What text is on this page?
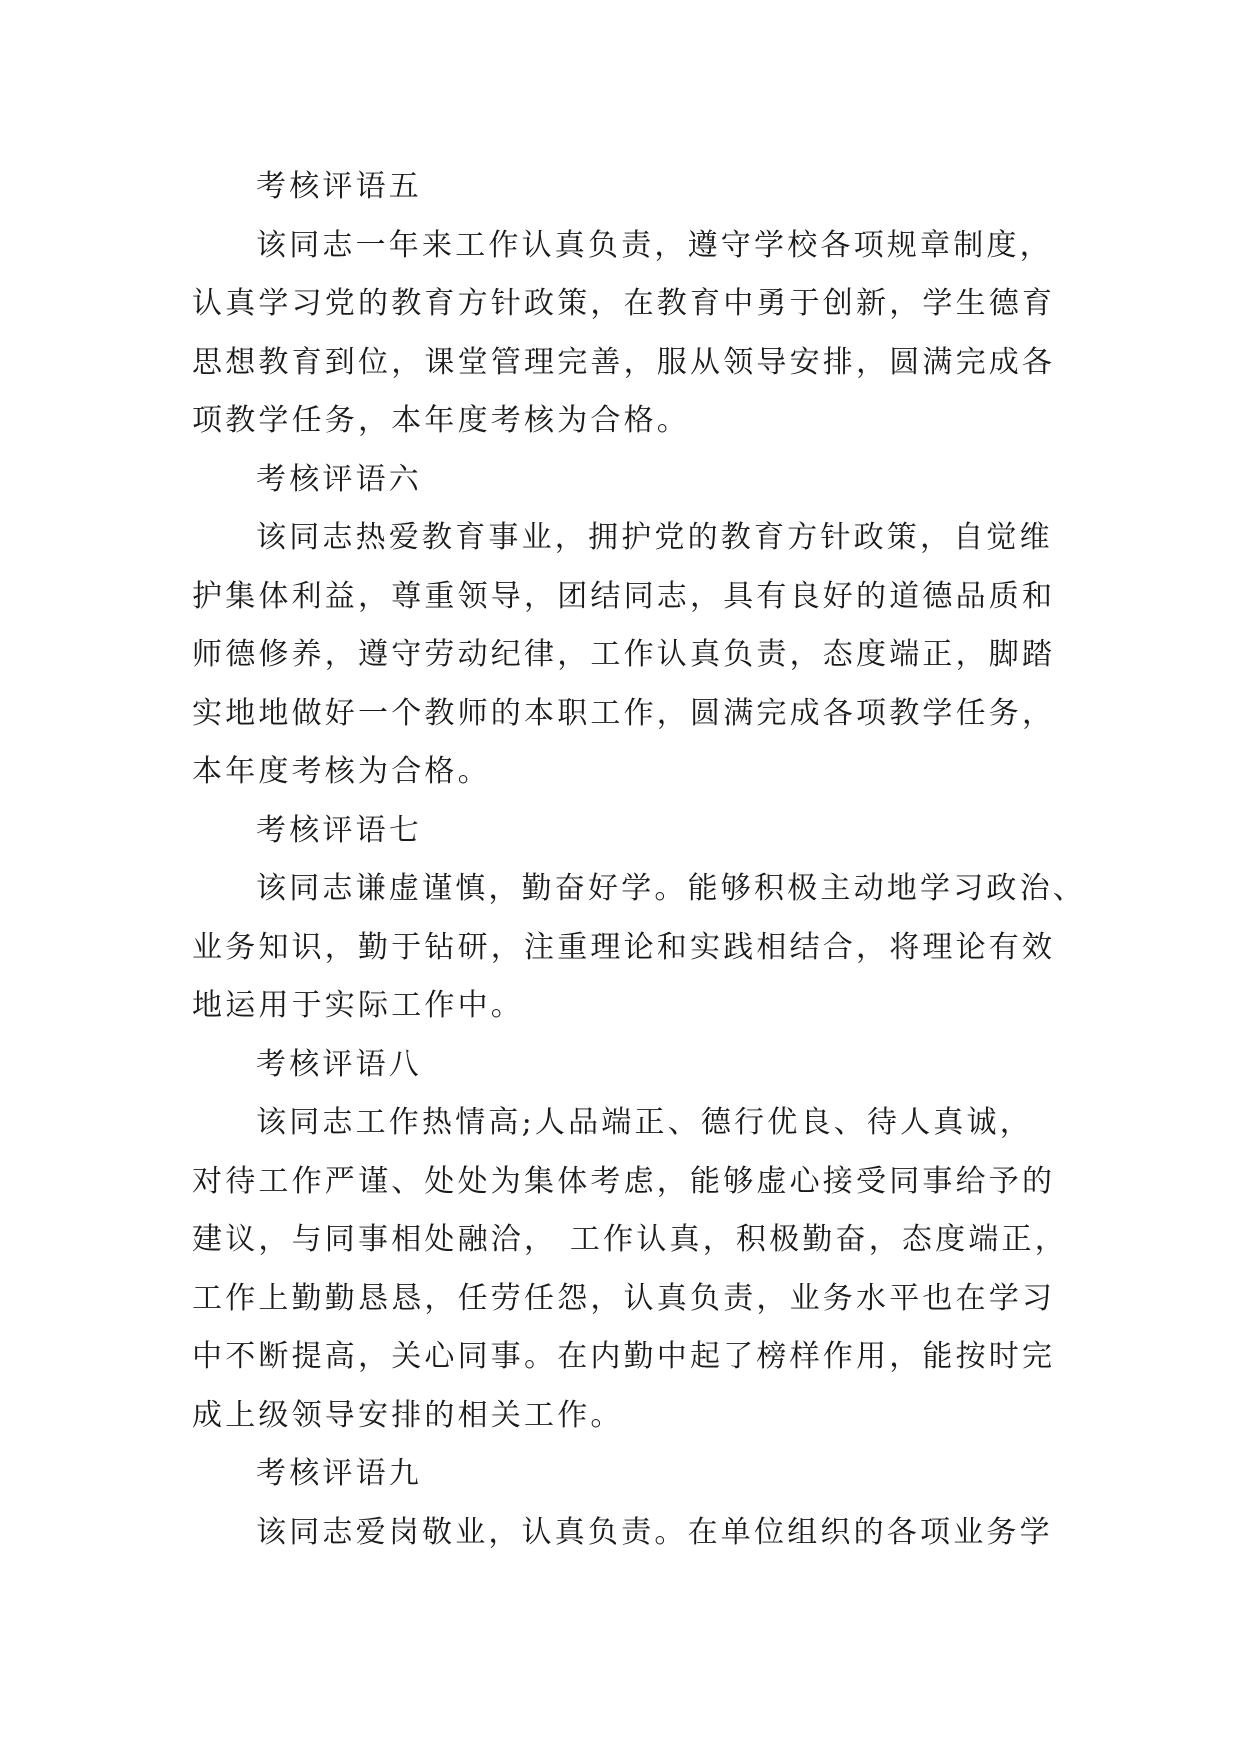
考核评语五
该同志一年来工作认真负责，遵守学校各项规章制度，
认真学习党的教育方针政策，在教育中勇于创新，学生德育
思想教育到位，课堂管理完善，服从领导安排，圆满完成各
项教学任务，本年度考核为合格。
考核评语六
该同志热爱教育事业，拥护党的教育方针政策，自觉维
护集体利益，尊重领导，团结同志，具有良好的道德品质和
师德修养，遵守劳动纪律，工作认真负责，态度端正，脚踏
实地地做好一个教师的本职工作，圆满完成各项教学任务，
本年度考核为合格。
考核评语七
该同志谦虚谨慎，勤奋好学。能够积极主动地学习政治、
业务知识，勤于钻研，注重理论和实践相结合，将理论有效
地运用于实际工作中。
考核评语八
该同志工作热情高;人品端正、德行优良、待人真诚，
对待工作严谨、处处为集体考虑，能够虚心接受同事给予的
建议，与同事相处融洽， 工作认真，积极勤奋，态度端正，
工作上勤勤恳恳，任劳任怨，认真负责，业务水平也在学习
中不断提高，关心同事。在内勤中起了榜样作用，能按时完
成上级领导安排的相关工作。
考核评语九
该同志爱岗敬业，认真负责。在单位组织的各项业务学
